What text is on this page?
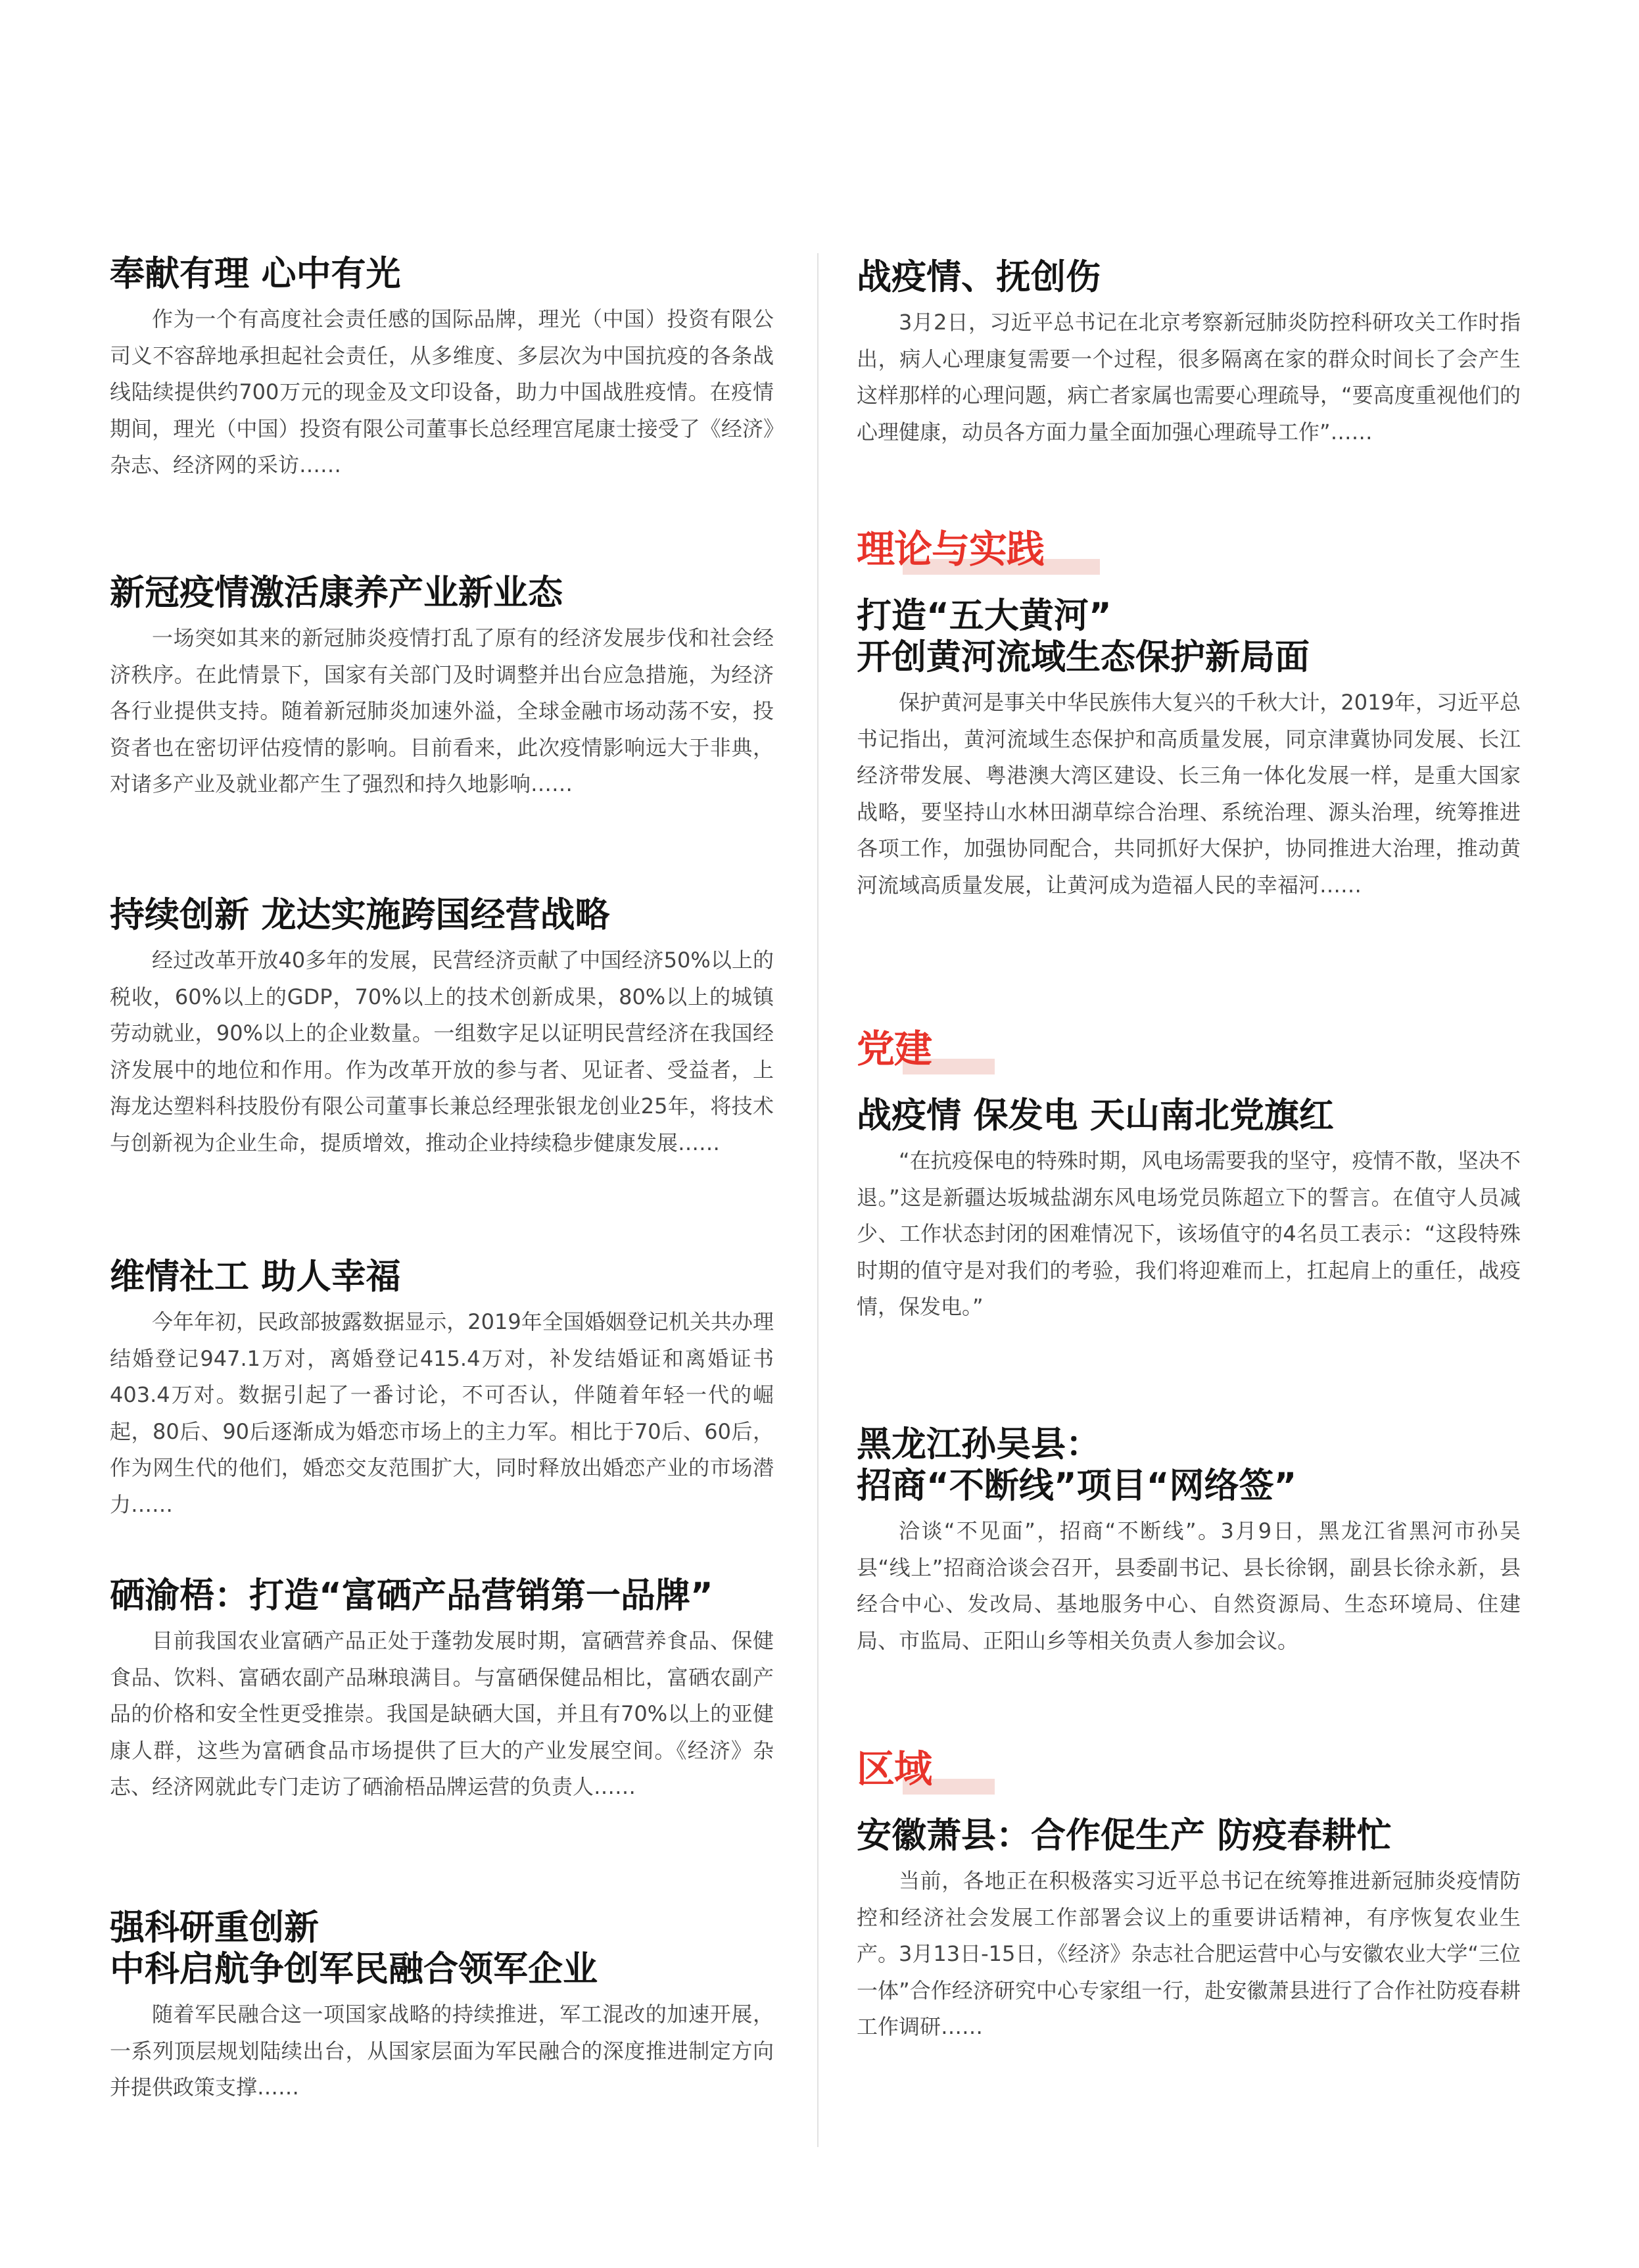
奉献有理 心中有光

作为一个有高度社会责任感的国际品牌，理光（中国）投资有限公司义不容辞地承担起社会责任，从多维度、多层次为中国抗疫的各条战线陆续提供约700万元的现金及文印设备，助力中国战胜疫情。在疫情期间，理光（中国）投资有限公司董事长总经理宫尾康士接受了《经济》杂志、经济网的采访……

新冠疫情激活康养产业新业态

一场突如其来的新冠肺炎疫情打乱了原有的经济发展步伐和社会经济秩序。在此情景下，国家有关部门及时调整并出台应急措施，为经济各行业提供支持。随着新冠肺炎加速外溢，全球金融市场动荡不安，投资者也在密切评估疫情的影响。目前看来，此次疫情影响远大于非典，对诸多产业及就业都产生了强烈和持久地影响……

持续创新 龙达实施跨国经营战略

经过改革开放40多年的发展，民营经济贡献了中国经济50%以上的税收，60%以上的GDP，70%以上的技术创新成果，80%以上的城镇劳动就业，90%以上的企业数量。一组数字足以证明民营经济在我国经济发展中的地位和作用。作为改革开放的参与者、见证者、受益者，上海龙达塑料科技股份有限公司董事长兼总经理张银龙创业25年，将技术与创新视为企业生命，提质增效，推动企业持续稳步健康发展……

维情社工 助人幸福

今年年初，民政部披露数据显示，2019年全国婚姻登记机关共办理结婚登记947.1万对，离婚登记415.4万对，补发结婚证和离婚证书403.4万对。数据引起了一番讨论，不可否认，伴随着年轻一代的崛起，80后、90后逐渐成为婚恋市场上的主力军。相比于70后、60后，作为网生代的他们，婚恋交友范围扩大，同时释放出婚恋产业的市场潜力……

硒渝梧：打造“富硒产品营销第一品牌”

目前我国农业富硒产品正处于蓬勃发展时期，富硒营养食品、保健食品、饮料、富硒农副产品琳琅满目。与富硒保健品相比，富硒农副产品的价格和安全性更受推崇。我国是缺硒大国，并且有70%以上的亚健康人群，这些为富硒食品市场提供了巨大的产业发展空间。《经济》杂志、经济网就此专门走访了硒渝梧品牌运营的负责人……

强科研重创新
中科启航争创军民融合领军企业

随着军民融合这一项国家战略的持续推进，军工混改的加速开展，一系列顶层规划陆续出台，从国家层面为军民融合的深度推进制定方向并提供政策支撑……

战疫情、抚创伤

3月2日，习近平总书记在北京考察新冠肺炎防控科研攻关工作时指出，病人心理康复需要一个过程，很多隔离在家的群众时间长了会产生这样那样的心理问题，病亡者家属也需要心理疏导，“要高度重视他们的心理健康，动员各方面力量全面加强心理疏导工作”……

理论与实践
打造“五大黄河”
开创黄河流域生态保护新局面

保护黄河是事关中华民族伟大复兴的千秋大计，2019年，习近平总书记指出，黄河流域生态保护和高质量发展，同京津冀协同发展、长江经济带发展、粤港澳大湾区建设、长三角一体化发展一样，是重大国家战略，要坚持山水林田湖草综合治理、系统治理、源头治理，统筹推进各项工作，加强协同配合，共同抓好大保护，协同推进大治理，推动黄河流域高质量发展，让黄河成为造福人民的幸福河……

党建
战疫情 保发电 天山南北党旗红

“在抗疫保电的特殊时期，风电场需要我的坚守，疫情不散，坚决不退。”这是新疆达坂城盐湖东风电场党员陈超立下的誓言。在值守人员减少、工作状态封闭的困难情况下，该场值守的4名员工表示：“这段特殊时期的值守是对我们的考验，我们将迎难而上，扛起肩上的重任，战疫情，保发电。”

黑龙江孙吴县：
招商“不断线”项目“网络签”

洽谈“不见面”，招商“不断线”。3月9日，黑龙江省黑河市孙吴县“线上”招商洽谈会召开，县委副书记、县长徐钢，副县长徐永新，县经合中心、发改局、基地服务中心、自然资源局、生态环境局、住建局、市监局、正阳山乡等相关负责人参加会议。

区域
安徽萧县：合作促生产 防疫春耕忙

当前，各地正在积极落实习近平总书记在统筹推进新冠肺炎疫情防控和经济社会发展工作部署会议上的重要讲话精神，有序恢复农业生产。3月13日-15日，《经济》杂志社合肥运营中心与安徽农业大学“三位一体”合作经济研究中心专家组一行，赴安徽萧县进行了合作社防疫春耕工作调研……
